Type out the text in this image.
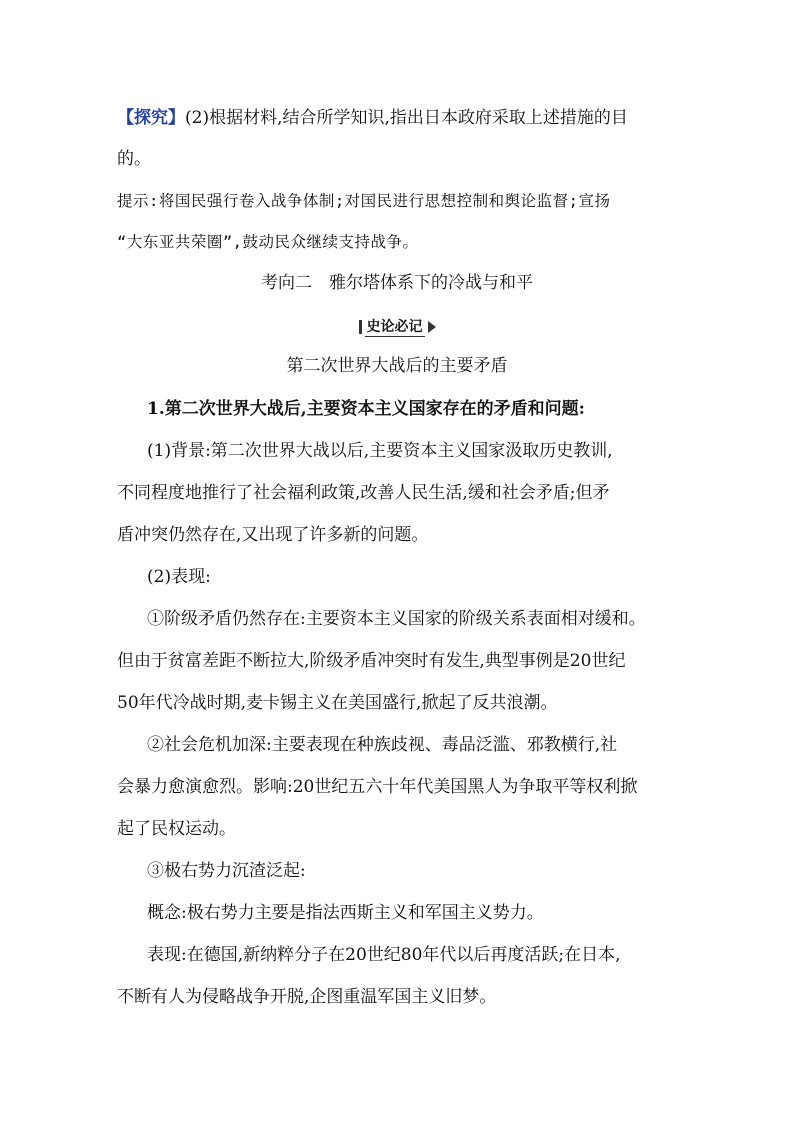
【探究】(2)根据材料,结合所学知识,指出日本政府采取上述措施的目
的。
提示:将国民强行卷入战争体制;对国民进行思想控制和舆论监督;宣扬
“大东亚共荣圈”,鼓动民众继续支持战争。
考向二　雅尔塔体系下的冷战与和平
史论必记
第二次世界大战后的主要矛盾
1.第二次世界大战后,主要资本主义国家存在的矛盾和问题:
(1)背景:第二次世界大战以后,主要资本主义国家汲取历史教训,
不同程度地推行了社会福利政策,改善人民生活,缓和社会矛盾;但矛
盾冲突仍然存在,又出现了许多新的问题。
(2)表现:
①阶级矛盾仍然存在:主要资本主义国家的阶级关系表面相对缓和。
但由于贫富差距不断拉大,阶级矛盾冲突时有发生,典型事例是20世纪
50年代冷战时期,麦卡锡主义在美国盛行,掀起了反共浪潮。
②社会危机加深:主要表现在种族歧视、毒品泛滥、邪教横行,社
会暴力愈演愈烈。影响:20世纪五六十年代美国黑人为争取平等权利掀
起了民权运动。
③极右势力沉渣泛起:
概念:极右势力主要是指法西斯主义和军国主义势力。
表现:在德国,新纳粹分子在20世纪80年代以后再度活跃;在日本,
不断有人为侵略战争开脱,企图重温军国主义旧梦。
